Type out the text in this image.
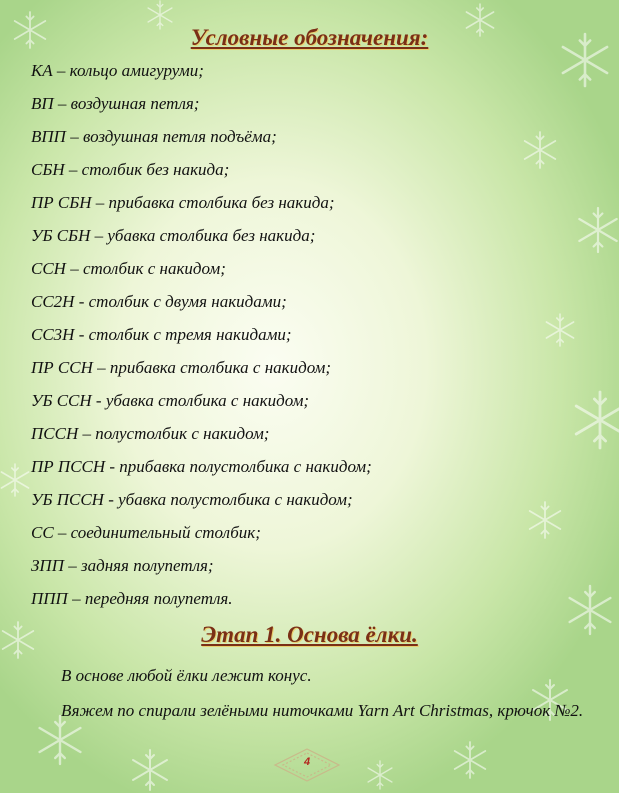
Условные обозначения:
КА – кольцо амигуруми;
ВП – воздушная петля;
ВПП – воздушная петля подъёма;
СБН – столбик без накида;
ПР СБН – прибавка столбика без накида;
УБ СБН – убавка столбика без накида;
ССН – столбик с накидом;
СС2Н - столбик с двумя накидами;
СС3Н - столбик с тремя накидами;
ПР ССН – прибавка столбика с накидом;
УБ ССН - убавка столбика с накидом;
ПССН – полустолбик с накидом;
ПР ПССН - прибавка полустолбика с накидом;
УБ ПССН - убавка полустолбика с накидом;
СС – соединительный столбик;
ЗПП – задняя полупетля;
ППП – передняя полупетля.
Этап 1. Основа ёлки.
В основе любой ёлки лежит конус.
Вяжем по спирали зелёными ниточками Yarn Art Christmas, крючок №2.
4
